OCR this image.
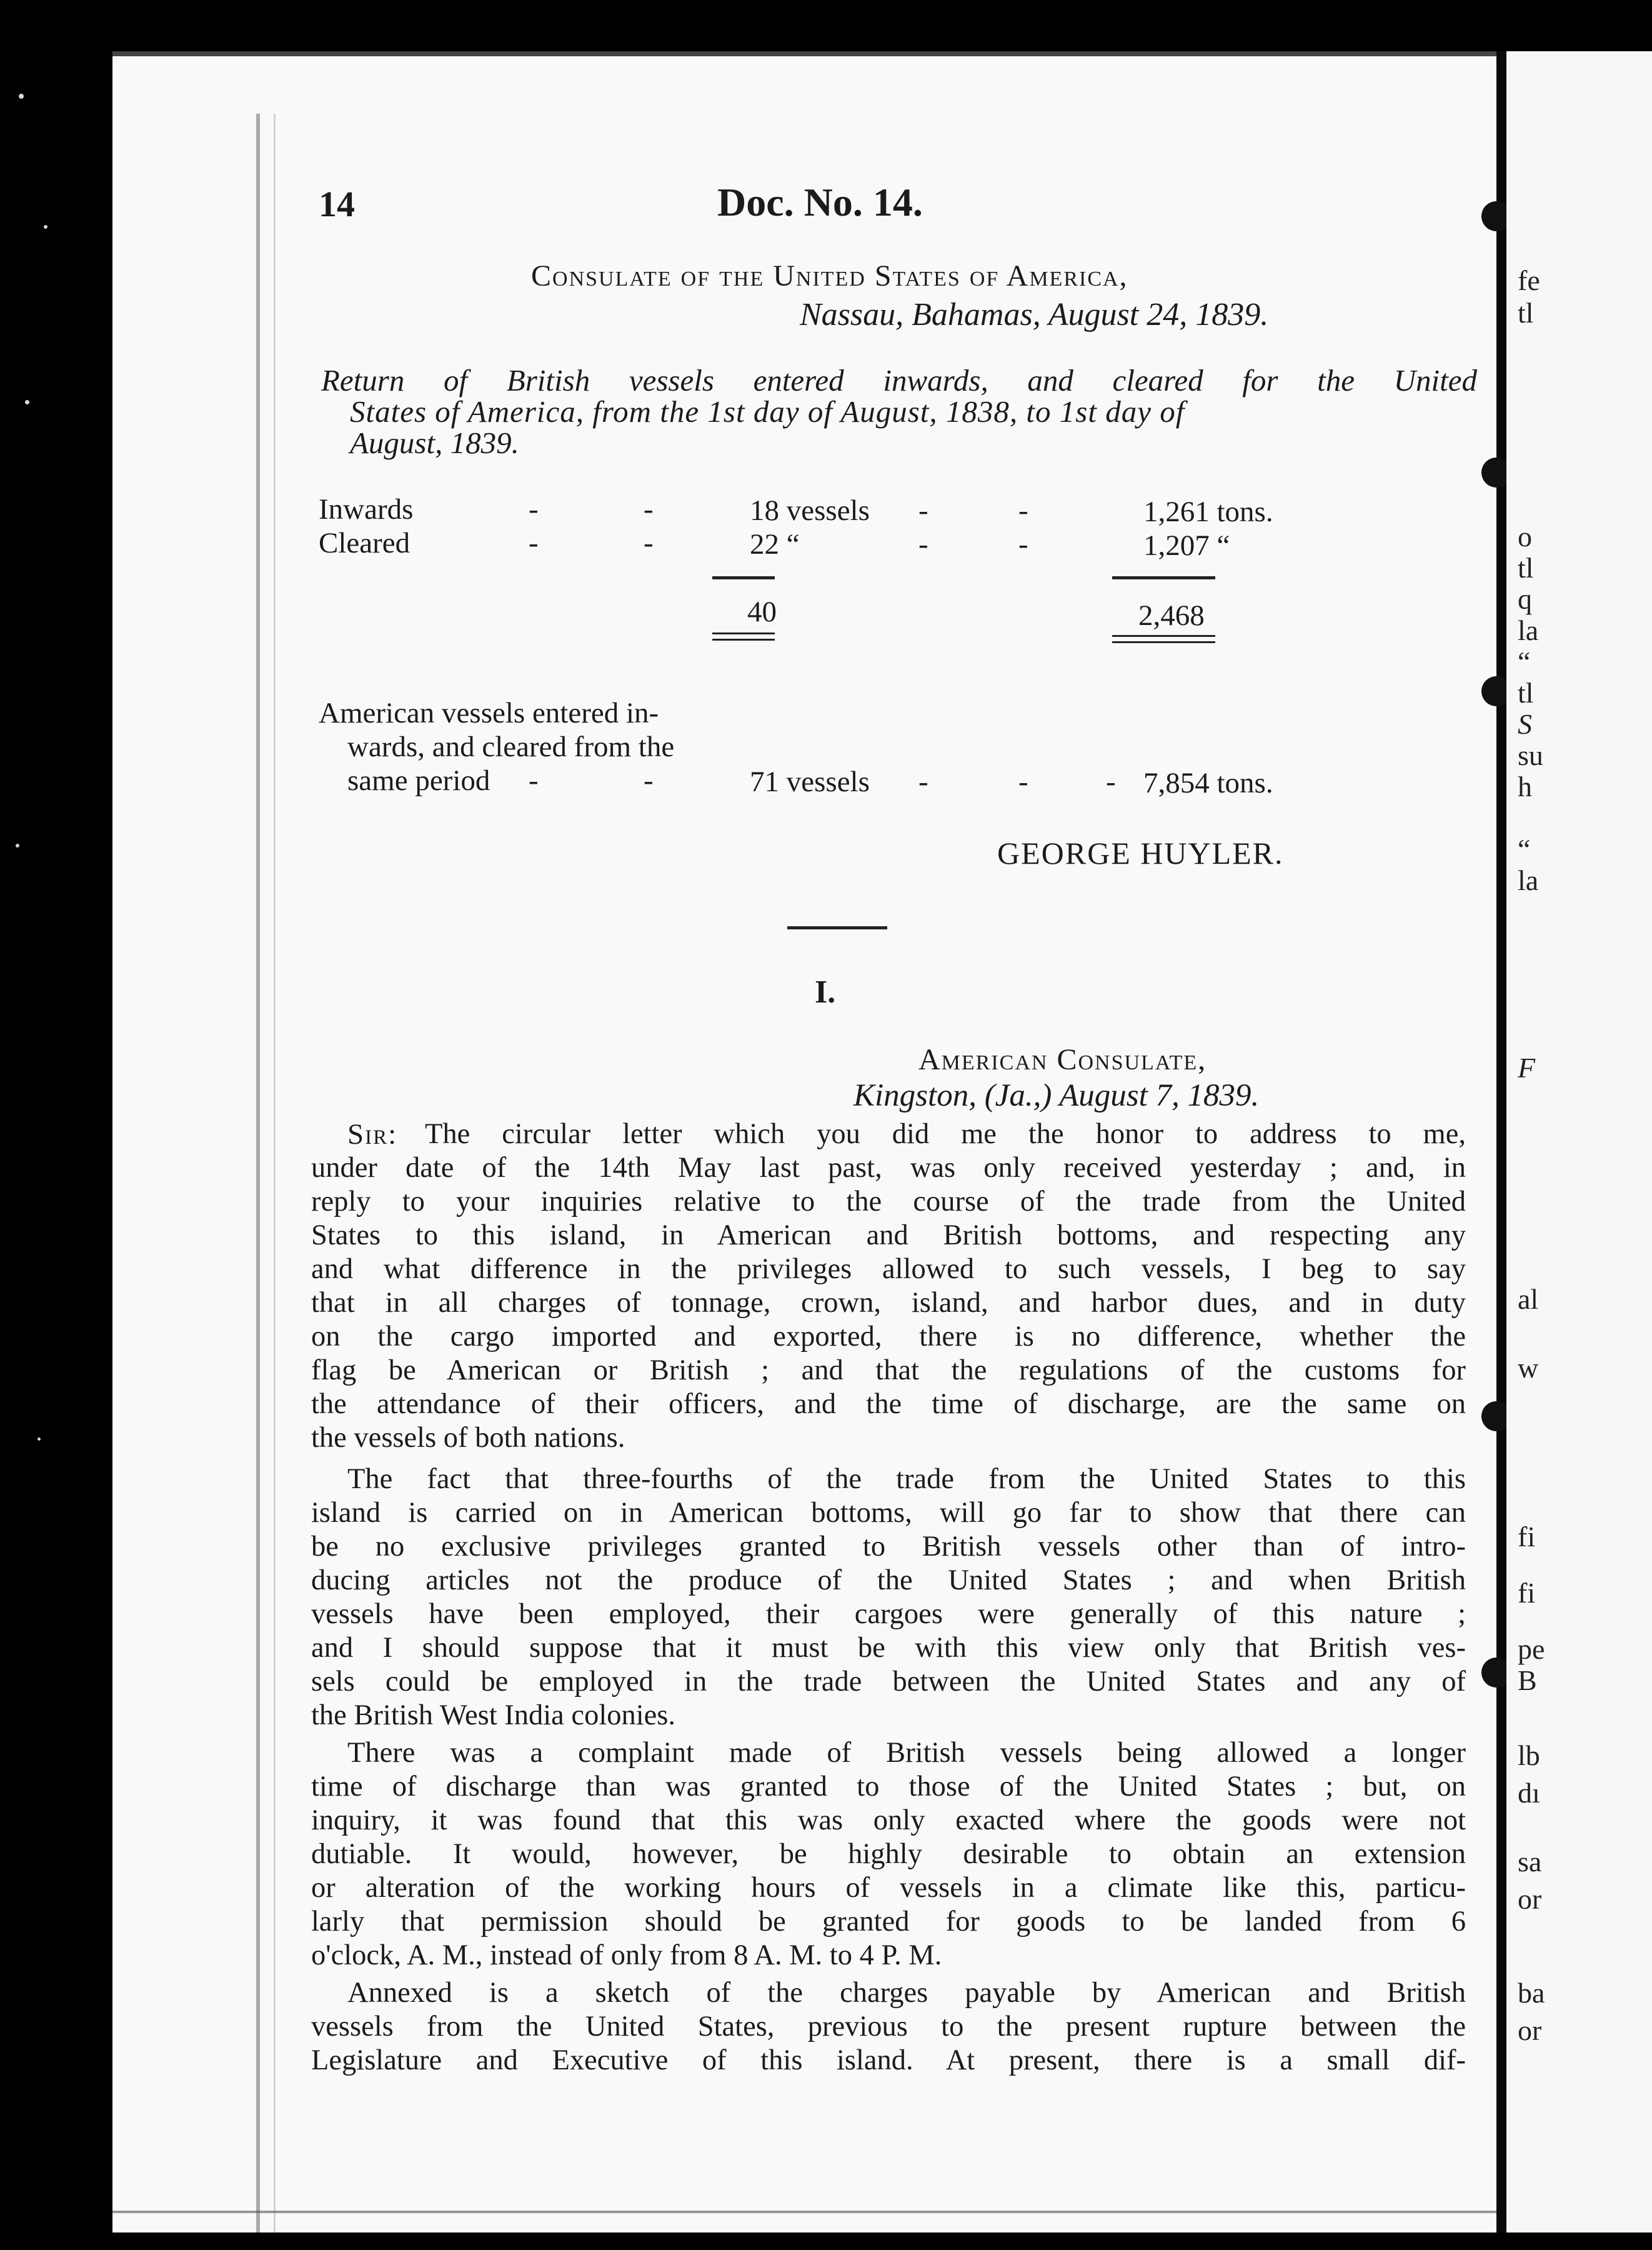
14	Doc. No. 14.
Consulate of the United States of America,
Nassau, Bahamas, August 24, 1839.
Return of British vessels entered inwards, and cleared for the United
States of America, from the 1st day of August, 1838, to 1st day of
August, 1839.
Inwards	-	-	18 vessels -	-	1,261 tons.
Cleared	-	-	22 “	-	-	1,207 “
40	2,468
American vessels entered in-
wards, and cleared from the
same period -	-	71 vessels -	-	- 7,854 tons.
GEORGE HUYLER.
I.
American Consulate,
Kingston, (Ja.,) August 7, 1839.
Sir: The circular letter which you did me the honor to address to me,
under date of the 14th May last past, was only received yesterday ; and, in
reply to your inquiries relative to the course of the trade from the United
States to this island, in American and British bottoms, and respecting any
and what difference in the privileges allowed to such vessels, I beg to say
that in all charges of tonnage, crown, island, and harbor dues, and in duty
on the cargo imported and exported, there is no difference, whether the
flag be American or British ; and that the regulations of the customs for
the attendance of their officers, and the time of discharge, are the same on
the vessels of both nations.
The fact that three-fourths of the trade from the United States to this
island is carried on in American bottoms, will go far to show that there can
be no exclusive privileges granted to British vessels other than of intro-
ducing articles not the produce of the United States ; and when British
vessels have been employed, their cargoes were generally of this nature ;
and I should suppose that it must be with this view only that British ves-
sels could be employed in the trade between the United States and any of
the British West India colonies.
There was a complaint made of British vessels being allowed a longer
time of discharge than was granted to those of the United States ; but, on
inquiry, it was found that this was only exacted where the goods were not
dutiable. It would, however, be highly desirable to obtain an extension
or alteration of the working hours of vessels in a climate like this, particu-
larly that permission should be granted for goods to be landed from 6
o'clock, A. M., instead of only from 8 A. M. to 4 P. M.
Annexed is a sketch of the charges payable by American and British
vessels from the United States, previous to the present rupture between the
Legislature and Executive of this island. At present, there is a small dif-
fe
tl
o
tl
q
la
“
tl
S
su
h
“
la
F
al
w
fi
fi
pe
B
lb
dı
sa
or
ba
or
